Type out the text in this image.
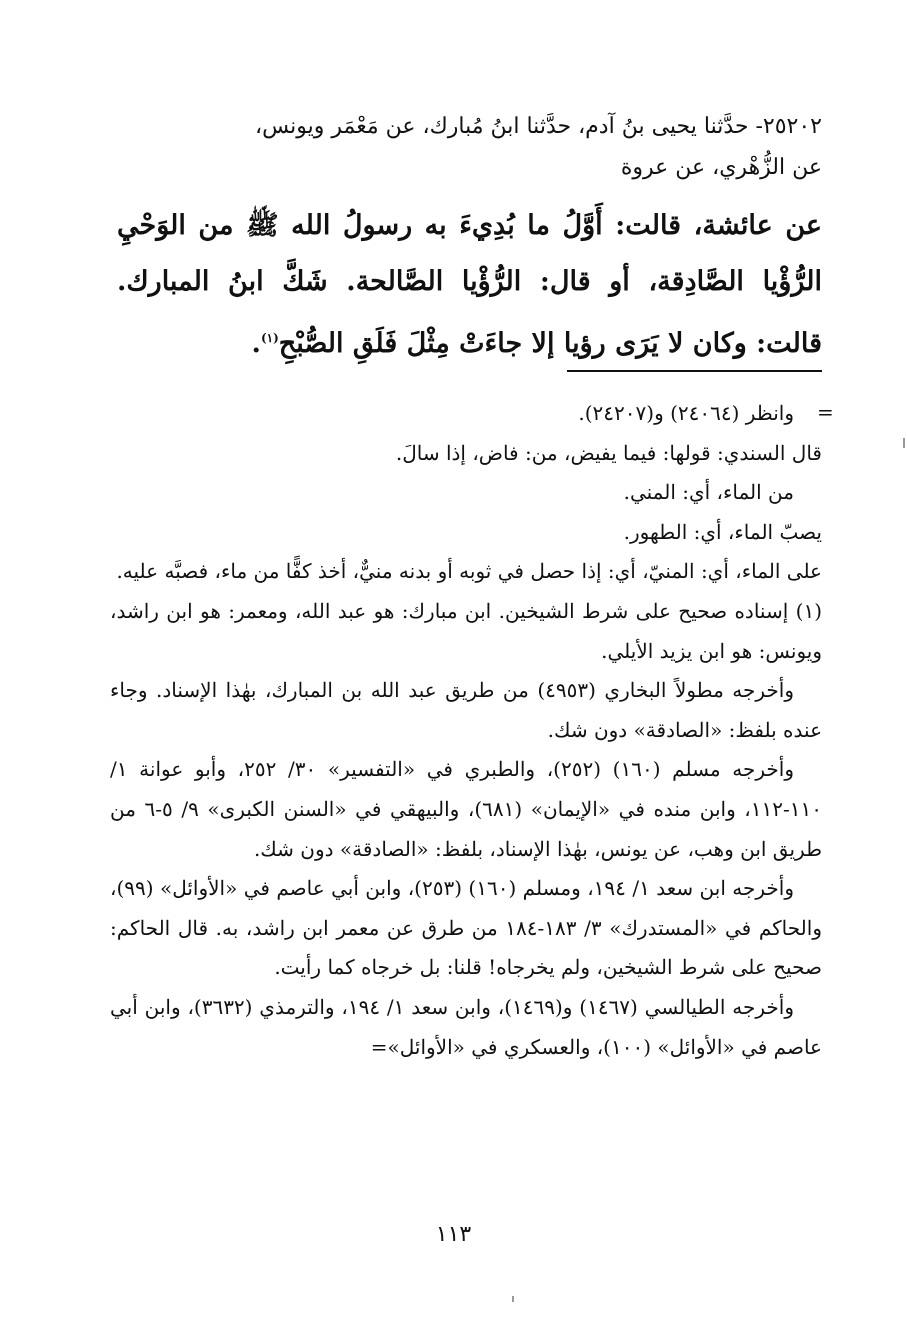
٢٥٢٠٢- حدَّثنا يحيى بنُ آدم، حدَّثنا ابنُ مُبارك، عن مَعْمَر ويونس،
عن الزُّهْري، عن عروة

عن عائشة، قالت: أَوَّلُ ما بُدِيءَ به رسولُ الله ﷺ من الوَحْيِ الرُّؤْيا الصَّادِقة، أو قال: الرُّؤْيا الصَّالحة. شَكَّ ابنُ المبارك. قالت: وكان لا يَرَى رؤيا إلا جاءَتْ مِثْلَ فَلَقِ الصُّبْحِ$^{(١)}$.

=

وانظر (٢٤٠٦٤) و(٢٤٢٠٧).

قال السندي: قولها: فيما يفيض، من: فاض، إذا سالَ.

من الماء، أي: المني.

يصبّ الماء، أي: الطهور.

على الماء، أي: المنيّ، أي: إذا حصل في ثوبه أو بدنه منيٌّ، أخذ كفًّا من ماء، فصبَّه عليه.

(١) إسناده صحيح على شرط الشيخين. ابن مبارك: هو عبد الله، ومعمر: هو ابن راشد، ويونس: هو ابن يزيد الأيلي.

وأخرجه مطولاً البخاري (٤٩٥٣) من طريق عبد الله بن المبارك، بهٰذا الإسناد. وجاء عنده بلفظ: «الصادقة» دون شك.

وأخرجه مسلم (١٦٠) (٢٥٢)، والطبري في «التفسير» ٣٠/ ٢٥٢، وأبو عوانة ١/ ١١٠-١١٢، وابن منده في «الإيمان» (٦٨١)، والبيهقي في «السنن الكبرى» ٩/ ٥-٦ من طريق ابن وهب، عن يونس، بهٰذا الإسناد، بلفظ: «الصادقة» دون شك.

وأخرجه ابن سعد ١/ ١٩٤، ومسلم (١٦٠) (٢٥٣)، وابن أبي عاصم في «الأوائل» (٩٩)، والحاكم في «المستدرك» ٣/ ١٨٣-١٨٤ من طرق عن معمر ابن راشد، به. قال الحاكم: صحيح على شرط الشيخين، ولم يخرجاه! قلنا: بل خرجاه كما رأيت.

وأخرجه الطيالسي (١٤٦٧) و(١٤٦٩)، وابن سعد ١/ ١٩٤، والترمذي (٣٦٣٢)، وابن أبي عاصم في «الأوائل» (١٠٠)، والعسكري في «الأوائل»=

١١٣
